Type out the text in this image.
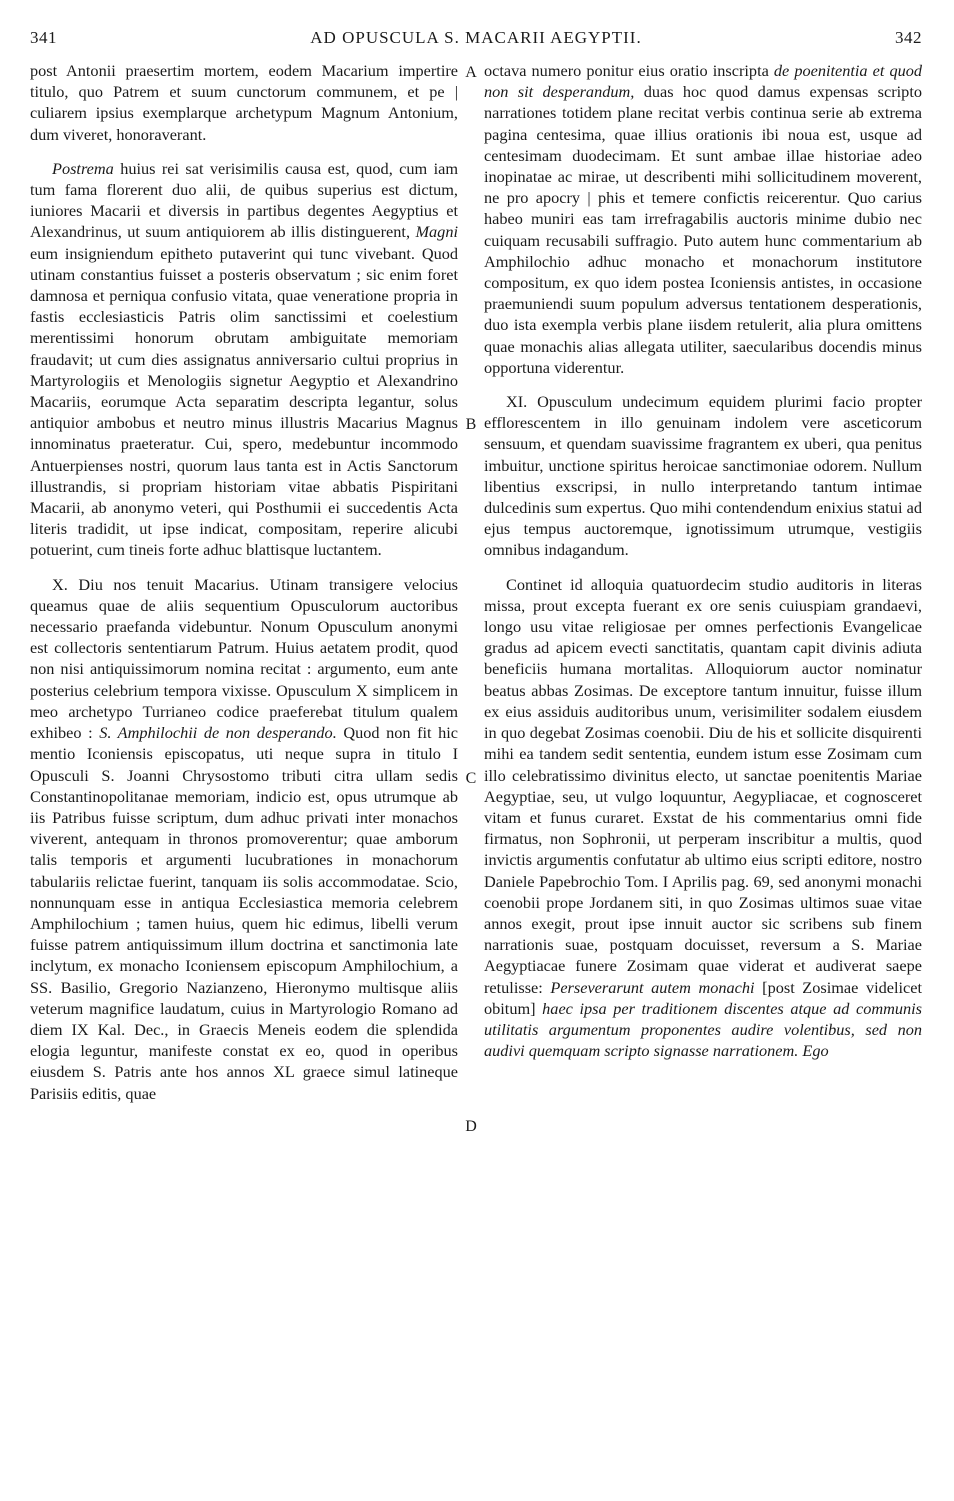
341	AD OPUSCULA S. MACARII AEGYPTII.	342

post Antonii praesertim mortem, eodem Macarium impertire titulo, quo Patrem et suum cunctorum communem, et pe | culiarem ipsius exemplarque archetypum Magnum Antonium, dum viveret, honoraverant.

Postrema huius rei sat verisimilis causa est, quod, cum iam tum fama florerent duo alii, de quibus superius est dictum, iuniores Macarii et diversis in partibus degentes Aegyptius et Alexandrinus, ut suum antiquiorem ab illis distinguerent, Magni eum insigniendum epitheto putaverint qui tunc vivebant. Quod utinam constantius fuisset a posteris observatum ; sic enim foret damnosa et perniqua confusio vitata, quae veneratione propria in fastis ecclesiasticis Patris olim sanctissimi et coelestium merentissimi honorum obrutam ambiguitate memoriam fraudavit; ut cum dies assignatus anniversario cultui proprius in Martyrologiis et Menologiis signetur Aegyptio et Alexandrino Macariis, eorumque Acta separatim descripta legantur, solus antiquior ambobus et neutro minus illustris Macarius Magnus innominatus praeteratur. Cui, spero, medebuntur incommodo Antuerpienses nostri, quorum laus tanta est in Actis Sanctorum illustrandis, si propriam historiam vitae abbatis Pispiritani Macarii, ab anonymo veteri, qui Posthumii ei succedentis Acta literis tradidit, ut ipse indicat, compositam, reperire alicubi potuerint, cum tineis forte adhuc blattisque luctantem.

X. Diu nos tenuit Macarius. Utinam transigere velocius queamus quae de aliis sequentium Opusculorum auctoribus necessario praefanda videbuntur. Nonum Opusculum anonymi est collectoris sententiarum Patrum. Huius aetatem prodit, quod non nisi antiquissimorum nomina recitat : argumento, eum ante posterius celebrium tempora vixisse. Opusculum X simplicem in meo archetypo Turrianeo codice praeferebat titulum qualem exhibeo : S. Amphilochii de non desperando. Quod non fit hic mentio Iconiensis episcopatus, uti neque supra in titulo I Opusculi S. Joanni Chrysostomo tributi citra ullam sedis Constantinopolitanae memoriam, indicio est, opus utrumque ab iis Patribus fuisse scriptum, dum adhuc privati inter monachos viverent, antequam in thronos promoverentur; quae amborum talis temporis et argumenti lucubrationes in monachorum tabulariis relictae fuerint, tanquam iis solis accommodatae. Scio, nonnunquam esse in antiqua Ecclesiastica memoria celebrem Amphilochium ; tamen huius, quem hic edimus, libelli verum fuisse patrem antiquissimum illum doctrina et sanctimonia late inclytum, ex monacho Iconiensem episcopum Amphilochium, a SS. Basilio, Gregorio Nazianzeno, Hieronymo multisque aliis veterum magnifice laudatum, cuius in Martyrologio Romano ad diem IX Kal. Dec., in Graecis Meneis eodem die splendida elogia leguntur, manifeste constat ex eo, quod in operibus eiusdem S. Patris ante hos annos XL graece simul latineque Parisiis editis, quae

A
B
C
D

octava numero ponitur eius oratio inscripta de poenitentia et quod non sit desperandum, duas hoc quod damus expensas scripto narrationes totidem plane recitat verbis continua serie ab extrema pagina centesima, quae illius orationis ibi noua est, usque ad centesimam duodecimam. Et sunt ambae illae historiae adeo inopinatae ac mirae, ut describenti mihi sollicitudinem moverent, ne pro apocry | phis et temere confictis reicerentur. Quo carius habeo muniri eas tam irrefragabilis auctoris minime dubio nec cuiquam recusabili suffragio. Puto autem hunc commentarium ab Amphilochio adhuc monacho et monachorum institutore compositum, ex quo idem postea Iconiensis antistes, in occasione praemuniendi suum populum adversus tentationem desperationis, duo ista exempla verbis plane iisdem retulerit, alia plura omittens quae monachis alias allegata utiliter, saecularibus docendis minus opportuna viderentur.

XI. Opusculum undecimum equidem plurimi facio propter efflorescentem in illo genuinam indolem vere asceticorum sensuum, et quendam suavissime fragrantem ex uberi, qua penitus imbuitur, unctione spiritus heroicae sanctimoniae odorem. Nullum libentius exscripsi, in nullo interpretando tantum intimae dulcedinis sum expertus. Quo mihi contendendum enixius statui ad ejus tempus auctoremque, ignotissimum utrumque, vestigiis omnibus indagandum.

Continet id alloquia quatuordecim studio auditoris in literas missa, prout excepta fuerant ex ore senis cuiuspiam grandaevi, longo usu vitae religiosae per omnes perfectionis Evangelicae gradus ad apicem evecti sanctitatis, quantam capit divinis adiuta beneficiis humana mortalitas. Alloquiorum auctor nominatur beatus abbas Zosimas. De exceptore tantum innuitur, fuisse illum ex eius assiduis auditoribus unum, verisimiliter sodalem eiusdem in quo degebat Zosimas coenobii. Diu de his et sollicite disquirenti mihi ea tandem sedit sententia, eundem istum esse Zosimam cum illo celebratissimo divinitus electo, ut sanctae poenitentis Mariae Aegyptiae, seu, ut vulgo loquuntur, Aegypliacae, et cognosceret vitam et funus curaret. Exstat de his commentarius omni fide firmatus, non Sophronii, ut perperam inscribitur a multis, quod invictis argumentis confutatur ab ultimo eius scripti editore, nostro Daniele Papebrochio Tom. I Aprilis pag. 69, sed anonymi monachi coenobii prope Jordanem siti, in quo Zosimas ultimos suae vitae annos exegit, prout ipse innuit auctor sic scribens sub finem narrationis suae, postquam docuisset, reversum a S. Mariae Aegyptiacae funere Zosimam quae viderat et audiverat saepe retulisse: Perseverarunt autem monachi [post Zosimae videlicet obitum] haec ipsa per traditionem discentes atque ad communis utilitatis argumentum proponentes audire volentibus, sed non audivi quemquam scripto signasse narrationem. Ego
